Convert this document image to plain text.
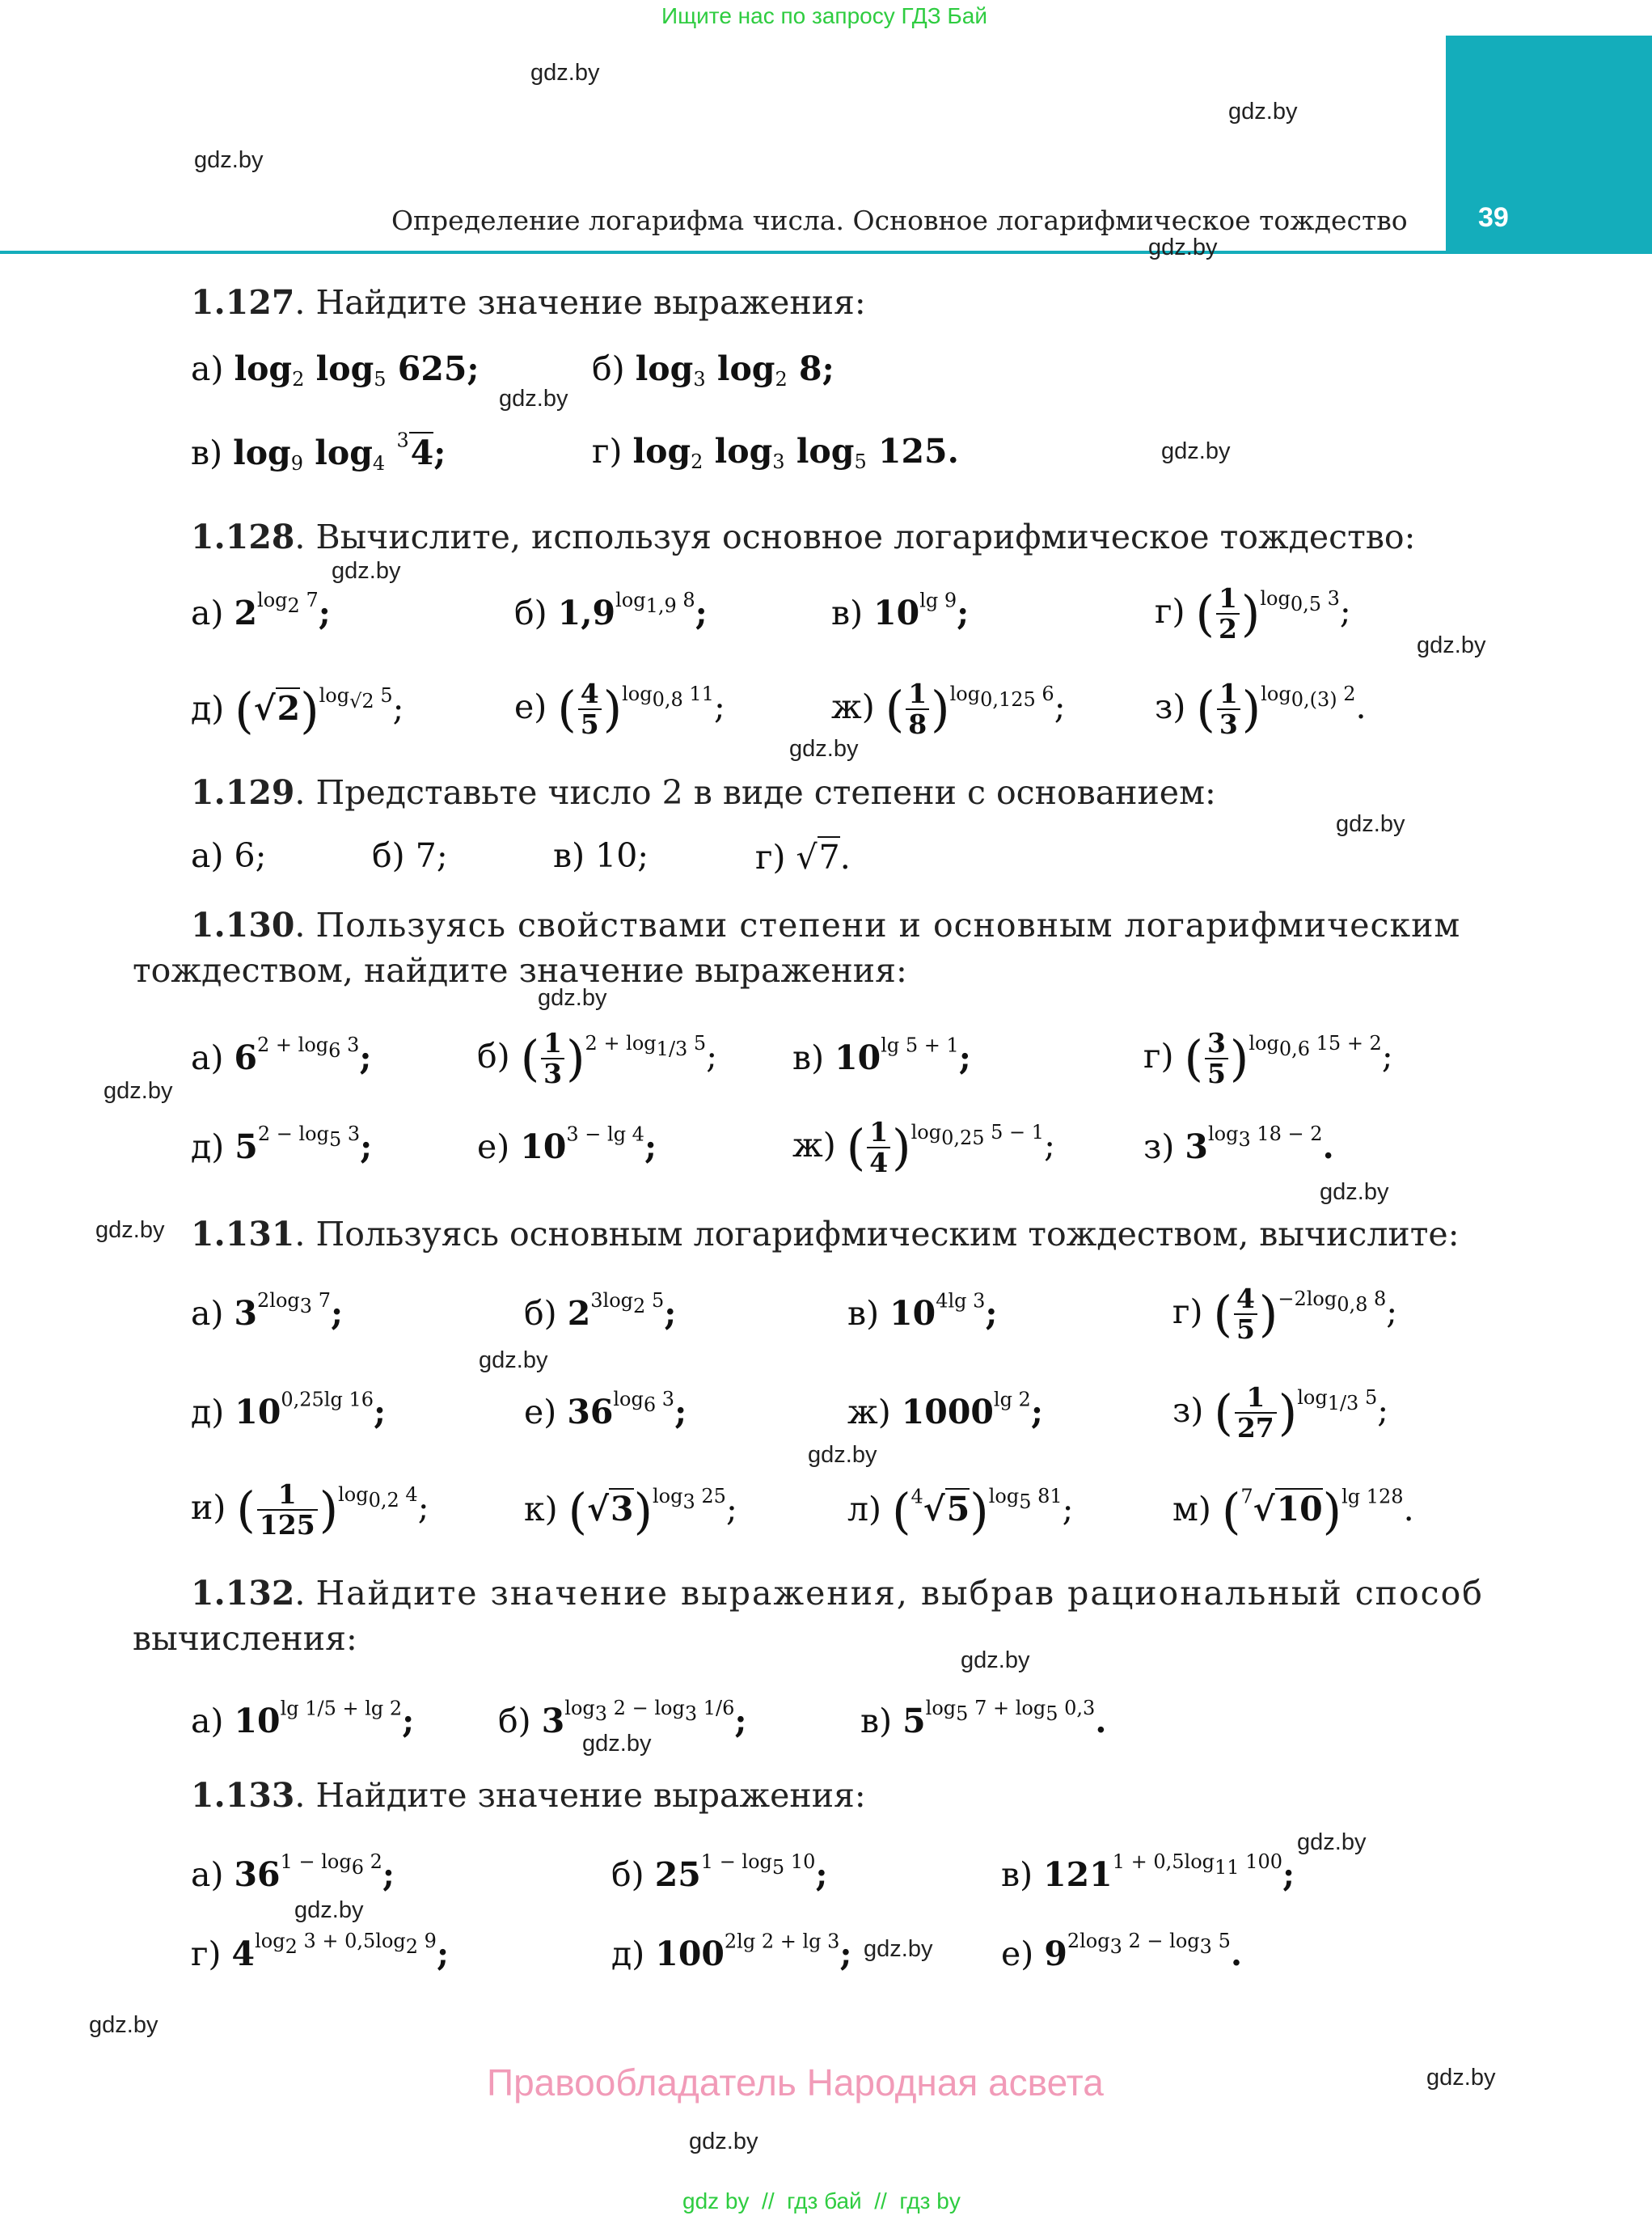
Ищите нас по запросу ГДЗ Бай
39
Определение логарифма числа. Основное логарифмическое тождество
gdz.by
gdz.by
gdz.by
gdz.by
gdz.by
gdz.by
gdz.by
gdz.by
gdz.by
gdz.by
gdz.by
gdz.by
gdz.by
gdz.by
gdz.by
gdz.by
gdz.by
gdz.by
gdz.by
gdz.by
gdz.by
gdz.by
gdz.by
gdz.by
1.127. Найдите значение выражения:
а) $\log_2 \log_5 625$;	б) $\log_3 \log_2 8$;
в) $\log_9 \log_4 ^34$;	г) $\log_2 \log_3 \log_5 125$.
1.128. Вычислите, используя основное логарифмическое тождество:
а) $2^{log_2 7}$;	б) $1,9^{log_{1,9} 8}$;	в) $10^{lg 9}$;	г) ( $\frac{1}{2} )^{log_{0,5} 3}$;
д) $(√2)^{log_{√2} 5}$;	е) ( $\frac{4}{5} )^{log_{0,8} 11}$;	ж) ( $\frac{1}{8} )^{log_{0,125} 6}$;	з) ( $\frac{1}{3} )^{log_{0,(3)} 2}$.
1.129. Представьте число 2 в виде степени с основанием:
а) 6;	б) 7;	в) 10;	г) √7.
1.130. Пользуясь свойствами степени и основным логарифмическим
тождеством, найдите значение выражения:
а) $6^{2 + log_6 3}$;	б) ( $\frac{1}{3} )^{2 + log_{1/3} 5}$; в) $10^{lg 5 + 1}$;	г) ( $\frac{3}{5} )^{log_{0,6} 15 + 2}$;
д) $5^{2 - log_5 3}$;	е) $10^{3 - lg 4}$;	ж) ( $\frac{1}{4} )^{log_{0,25} 5 - 1}$;	з) $3^{log_3 18 - 2}$.
1.131. Пользуясь основным логарифмическим тождеством, вычислите:
а) $3^{2log_3 7}$;	б) $2^{3log_2 5}$;	в) $10^{4lg 3}$;	г) ( $\frac{4}{5} )^{-2log_{0,8} 8}$;
д) $10^{0,25lg 16}$;	е) $36^{log_6 3}$;	ж) $1000^{lg 2}$;	з) ( $\frac{1}{27} )^{log_{1/3} 5}$;
и) ( $\frac{1}{125} )^{log_{0,2} 4}$;	к) $(√3)^{log_3 25}$;	л) $(^4√5)^{log_5 81}$;	м) $(^7√10)^{lg 128}$.
1.132. Найдите значение выражения, выбрав рациональный способ
вычисления:
а) $10^{lg 1/5 + lg 2}$;	б) $3^{log_3 2 - log_3 1/6}$;	в) $5^{log_5 7 + log_5 0,3}$.
1.133. Найдите значение выражения:
а) $36^{1 - log_6 2}$;	б) $25^{1 - log_5 10}$;	в) $121^{1 + 0,5log_{11} 100}$;
г) $4^{log_2 3 + 0,5log_2 9}$;	д) $100^{2lg 2 + lg 3}$;	е) $9^{2log_3 2 - log_3 5}$.
Правообладатель Народная асвета
gdz by  //  гдз бай  //  гдз by
